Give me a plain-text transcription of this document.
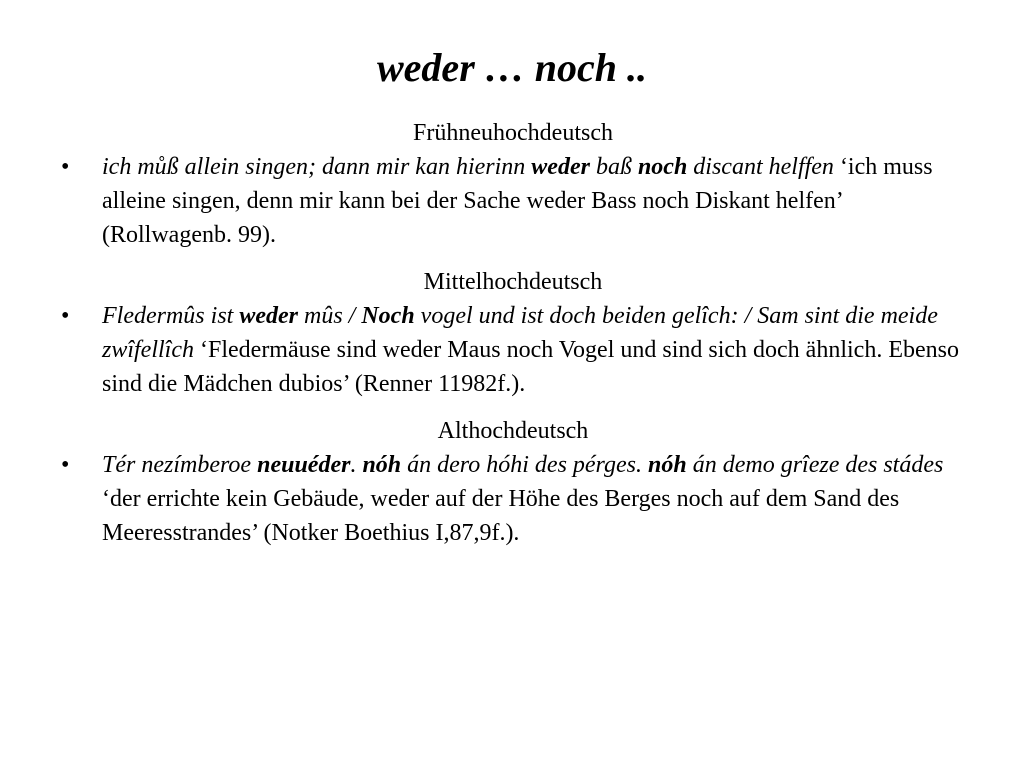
weder … noch ..
Frühneuhochdeutsch
•	ich můß allein singen; dann mir kan hierinn weder baß noch discant helffen ‘ich muss alleine singen, denn mir kann bei der Sache weder Bass noch Diskant helfen’ (Rollwagenb. 99).

Mittelhochdeutsch
•	Fledermûs ist weder mûs / Noch vogel und ist doch beiden gelîch: / Sam sint die meide zwîfellîch ‘Fledermäuse sind weder Maus noch Vogel und sind sich doch ähnlich. Ebenso sind die Mädchen dubios’ (Renner 11982f.).

Althochdeutsch
•	Tér nezímberoe neuuéder. nóh án dero hóhi des pérges. nóh án demo grîeze des stádes ‘der errichte kein Gebäude, weder auf der Höhe des Berges noch auf dem Sand des Meeresstrandes’ (Notker Boethius I,87,9f.).
